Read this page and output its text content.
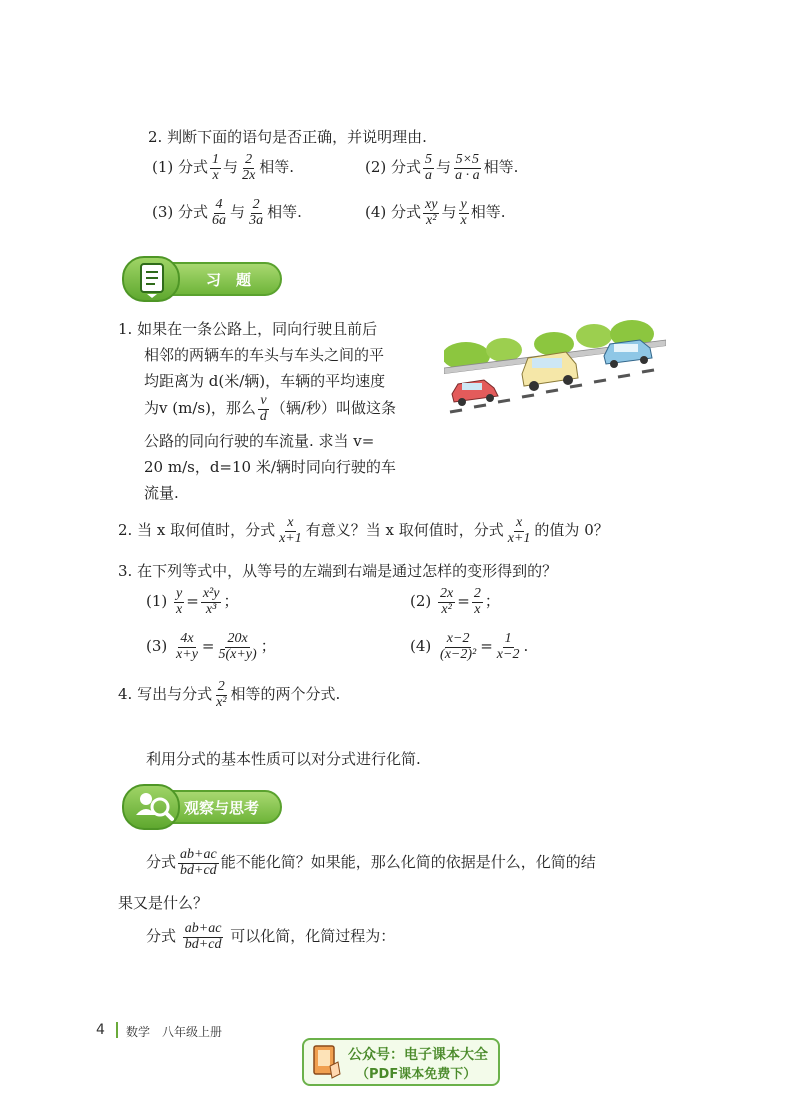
2. 判断下面的语句是否正确，并说明理由.
(1) 分式 $\frac{1}{x}$ 与 $\frac{2}{2x}$ 相等.	(2) 分式 $\frac{5}{a}$ 与 $\frac{5\times 5}{a \cdot a}$ 相等.
(3) 分式 $\frac{4}{6a}$ 与 $\frac{2}{3a}$ 相等.	(4) 分式 $\frac{xy}{\text{x²}}$ 与 $\frac{y}{x}$ 相等.
习　题
1. 如果在一条公路上，同向行驶且前后
相邻的两辆车的车头与车头之间的平
均距离为 d(米/辆)，车辆的平均速度
为v (m/s)，那么 $\frac{v}{d}$ （辆/秒）叫做这条
公路的同向行驶的车流量. 求当 v=
20 m/s，d=10 米/辆时同向行驶的车
流量.
2. 当 x 取何值时，分式 $\frac{x}{x+1}$ 有意义？当 x 取何值时，分式 $\frac{x}{x+1}$ 的值为 0？
3. 在下列等式中，从等号的左端到右端是通过怎样的变形得到的？
$(1) \frac{y}{x} = \frac{\text{x²y}}{\text{x³}}$ ；	$(2) \frac{2x}{\text{x²}} = \frac{2}{x}$ ；
$(3) \frac{4x}{x+y} = \frac{20x}{5(x+y)}$ ；	$(4) \frac{x-2}{\text{(x−2)²}} = \frac{1}{x-2}$ .
4. 写出与分式 $\frac{2}{\text{x²}}$ 相等的两个分式.
利用分式的基本性质可以对分式进行化简.
观察与思考
分式 $\frac{ab+ac}{bd+cd}$ 能不能化简？如果能，那么化简的依据是什么，化简的结
果又是什么？
分式 $\frac{ab+ac}{bd+cd}$ 可以化简，化简过程为：
4 数学　八年级上册
公众号：电子课本大全
（PDF课本免费下）
